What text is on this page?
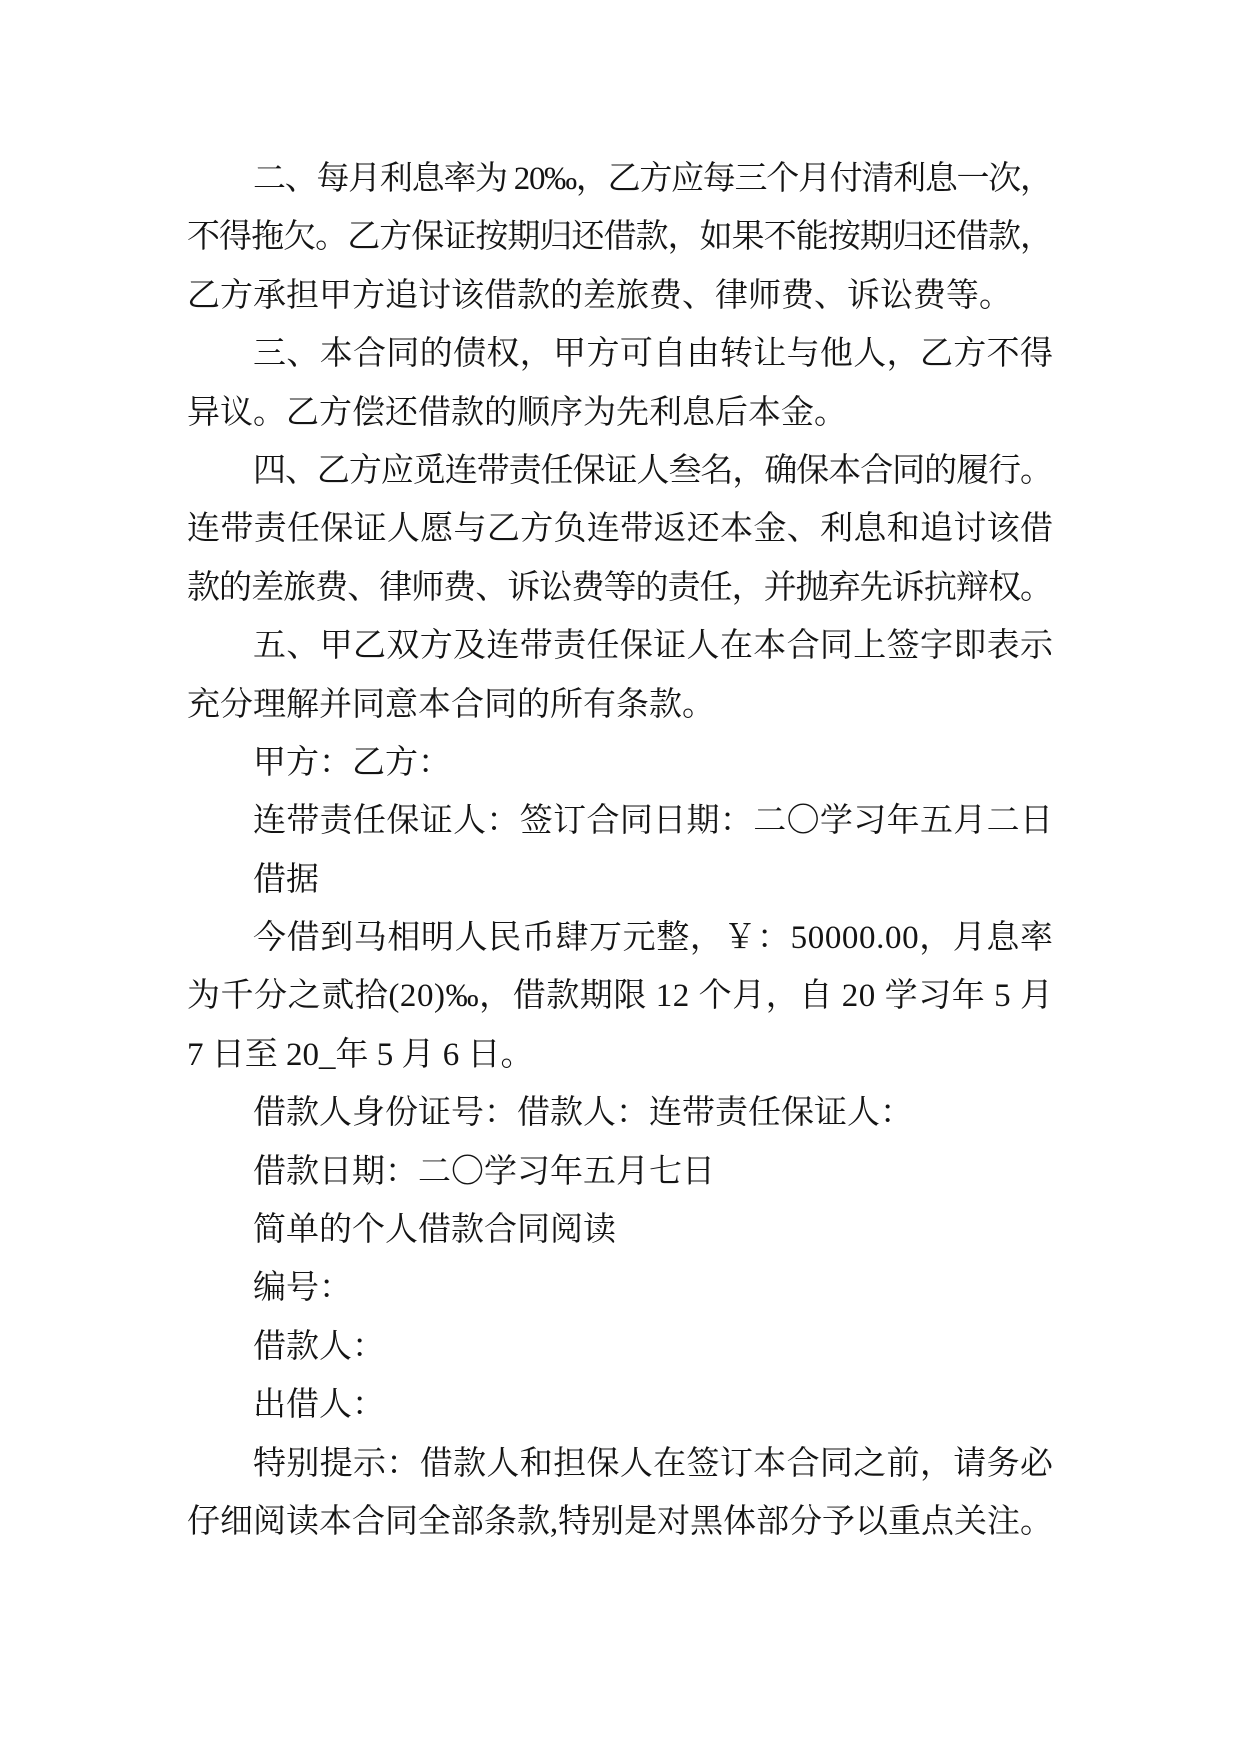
二、每月利息率为 20‰，乙方应每三个月付清利息一次，
不得拖欠。乙方保证按期归还借款，如果不能按期归还借款，
乙方承担甲方追讨该借款的差旅费、律师费、诉讼费等。
三、本合同的债权，甲方可自由转让与他人，乙方不得
异议。乙方偿还借款的顺序为先利息后本金。
四、乙方应觅连带责任保证人叁名，确保本合同的履行。
连带责任保证人愿与乙方负连带返还本金、利息和追讨该借
款的差旅费、律师费、诉讼费等的责任，并抛弃先诉抗辩权。
五、甲乙双方及连带责任保证人在本合同上签字即表示
充分理解并同意本合同的所有条款。
甲方：乙方：
连带责任保证人：签订合同日期：二〇学习年五月二日
借据
今借到马相明人民币肆万元整，￥：50000.00，月息率
为千分之贰拾(20)‰，借款期限 12 个月，自 20 学习年 5 月
7 日至 20_年 5 月 6 日。
借款人身份证号：借款人：连带责任保证人：
借款日期：二〇学习年五月七日
简单的个人借款合同阅读
编号：
借款人：
出借人：
特别提示：借款人和担保人在签订本合同之前，请务必
仔细阅读本合同全部条款,特别是对黑体部分予以重点关注。
